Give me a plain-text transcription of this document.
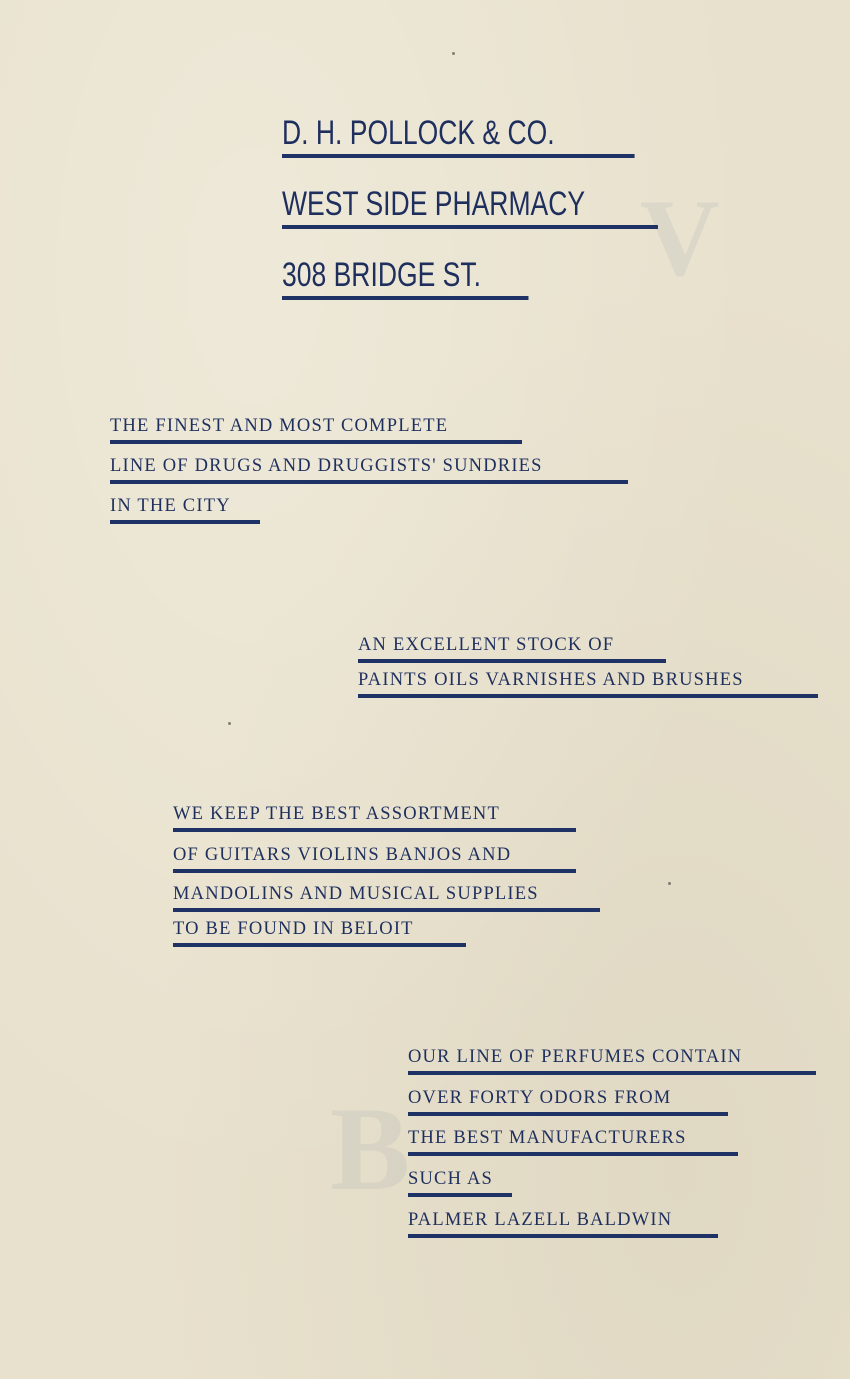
V
B
D. H. POLLOCK & CO.
WEST SIDE PHARMACY
308 BRIDGE ST.
THE FINEST AND MOST COMPLETE
LINE OF DRUGS AND DRUGGISTS' SUNDRIES
IN THE CITY
AN EXCELLENT STOCK OF
PAINTS OILS VARNISHES AND BRUSHES
WE KEEP THE BEST ASSORTMENT
OF GUITARS VIOLINS BANJOS AND
MANDOLINS AND MUSICAL SUPPLIES
TO BE FOUND IN BELOIT
OUR LINE OF PERFUMES CONTAIN
OVER FORTY ODORS FROM
THE BEST MANUFACTURERS
SUCH AS
PALMER LAZELL BALDWIN
